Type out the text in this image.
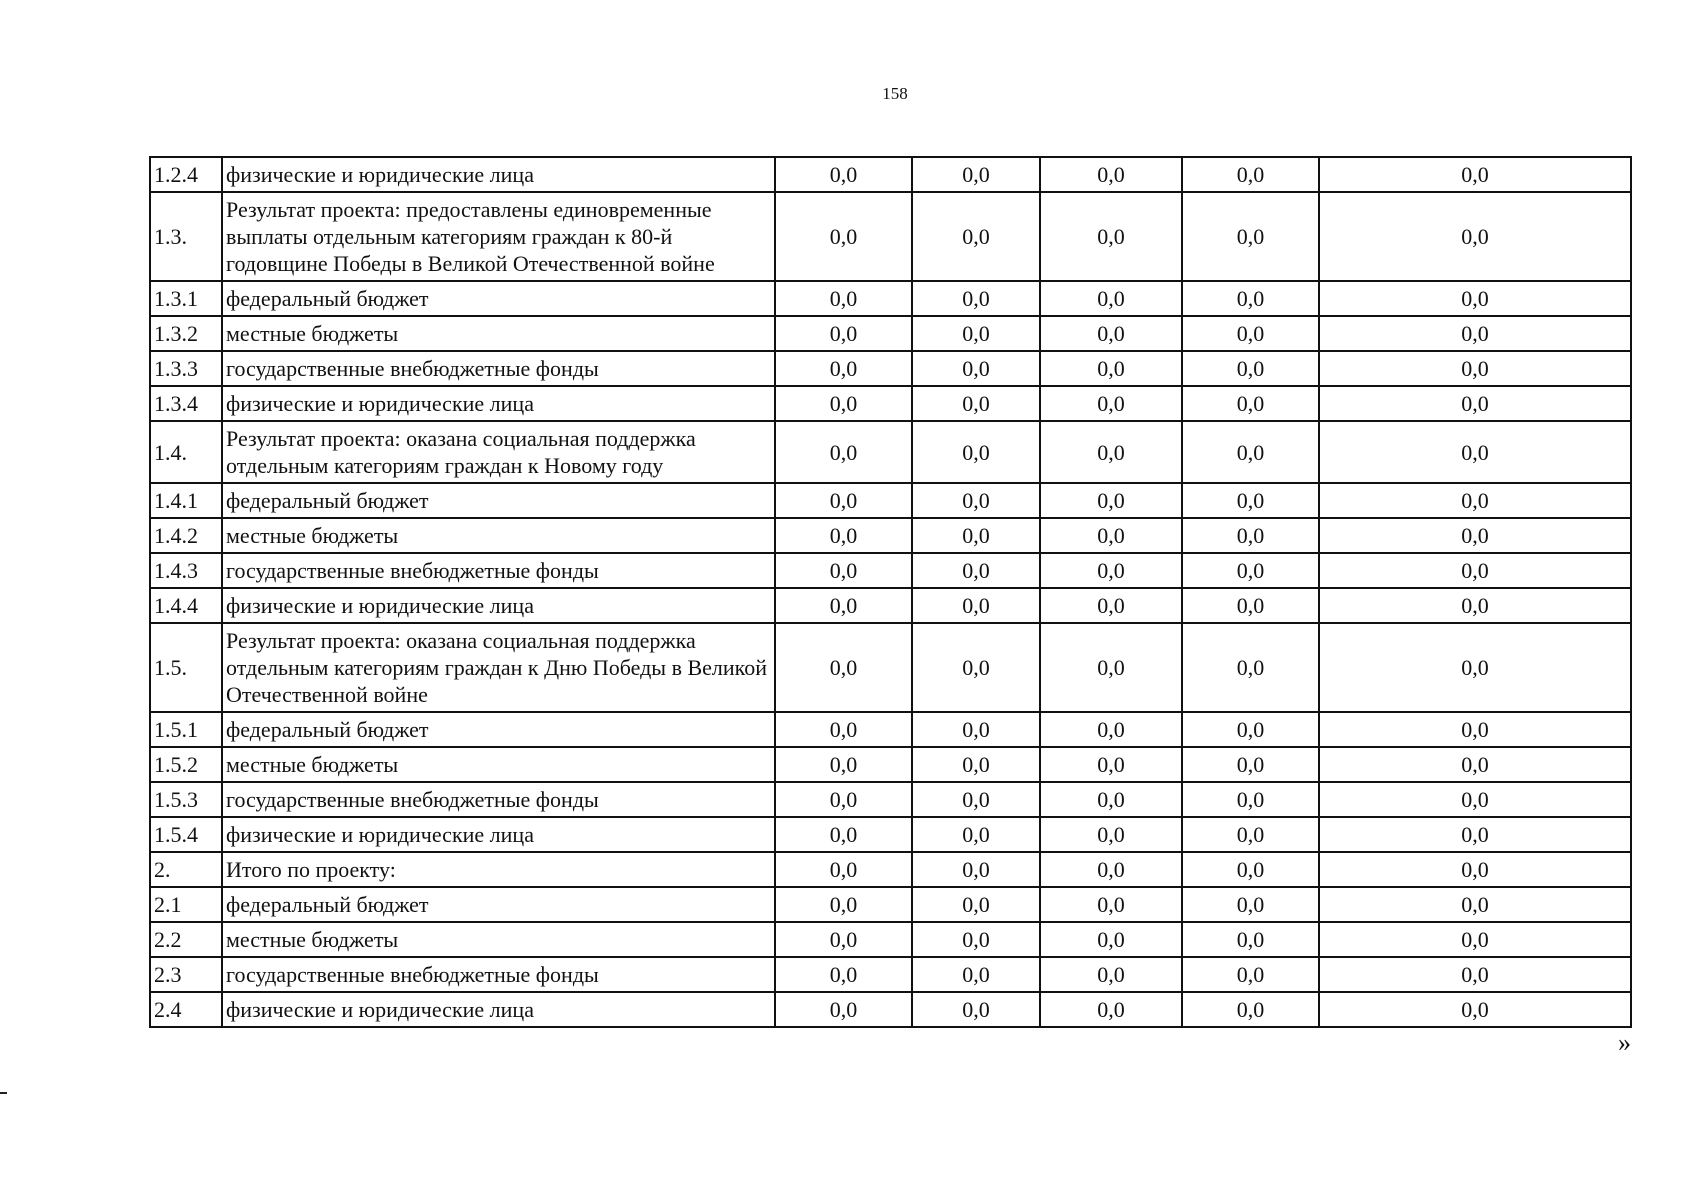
158
1.2.4	физические и юридические лица	0,0	0,0	0,0	0,0	0,0
1.3.	Результат проекта: предоставлены единовременные выплаты отдельным категориям граждан к 80-й годовщине Победы в Великой Отечественной войне	0,0	0,0	0,0	0,0	0,0
1.3.1	федеральный бюджет	0,0	0,0	0,0	0,0	0,0
1.3.2	местные бюджеты	0,0	0,0	0,0	0,0	0,0
1.3.3	государственные внебюджетные фонды	0,0	0,0	0,0	0,0	0,0
1.3.4	физические и юридические лица	0,0	0,0	0,0	0,0	0,0
1.4.	Результат проекта: оказана социальная поддержка отдельным категориям граждан к Новому году	0,0	0,0	0,0	0,0	0,0
1.4.1	федеральный бюджет	0,0	0,0	0,0	0,0	0,0
1.4.2	местные бюджеты	0,0	0,0	0,0	0,0	0,0
1.4.3	государственные внебюджетные фонды	0,0	0,0	0,0	0,0	0,0
1.4.4	физические и юридические лица	0,0	0,0	0,0	0,0	0,0
1.5.	Результат проекта: оказана социальная поддержка отдельным категориям граждан к Дню Победы в Великой Отечественной войне	0,0	0,0	0,0	0,0	0,0
1.5.1	федеральный бюджет	0,0	0,0	0,0	0,0	0,0
1.5.2	местные бюджеты	0,0	0,0	0,0	0,0	0,0
1.5.3	государственные внебюджетные фонды	0,0	0,0	0,0	0,0	0,0
1.5.4	физические и юридические лица	0,0	0,0	0,0	0,0	0,0
2.	Итого по проекту:	0,0	0,0	0,0	0,0	0,0
2.1	федеральный бюджет	0,0	0,0	0,0	0,0	0,0
2.2	местные бюджеты	0,0	0,0	0,0	0,0	0,0
2.3	государственные внебюджетные фонды	0,0	0,0	0,0	0,0	0,0
2.4	физические и юридические лица	0,0	0,0	0,0	0,0	0,0
»
